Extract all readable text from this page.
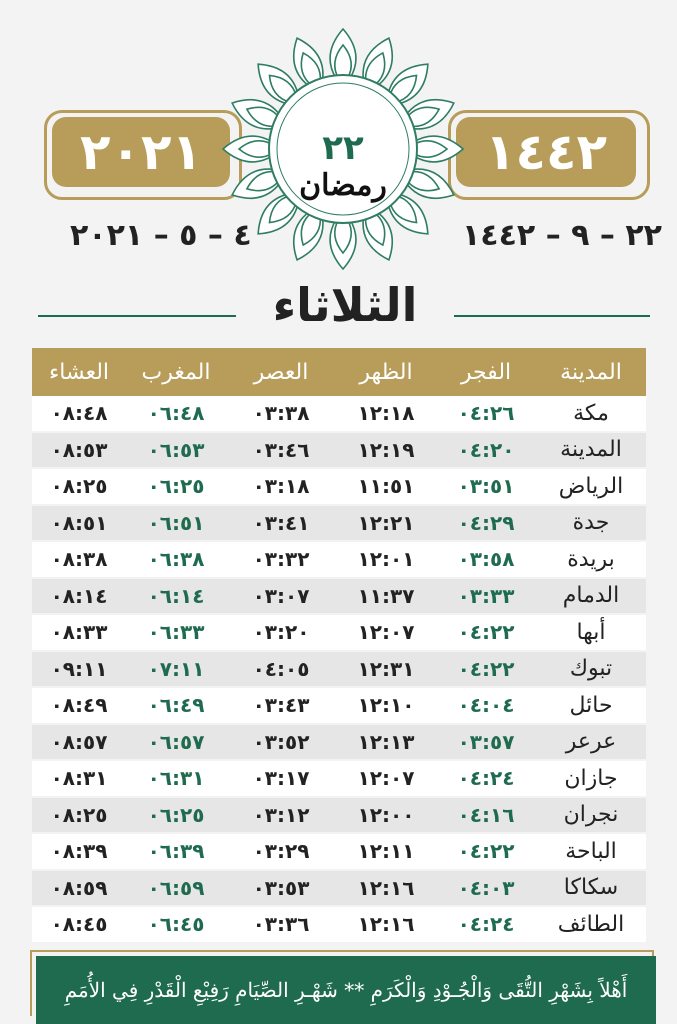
٢٠٢١	١٤٤٢
٢٢
رمضان
٤ – ٥ – ٢٠٢١	٢٢ – ٩ – ١٤٤٢
الثلاثاء
المدينة
الفجر
الظهر
العصر
المغرب
العشاء
مكة
٠٤:٢٦
١٢:١٨
٠٣:٣٨
٠٦:٤٨
٠٨:٤٨
المدينة
٠٤:٢٠
١٢:١٩
٠٣:٤٦
٠٦:٥٣
٠٨:٥٣
الرياض
٠٣:٥١
١١:٥١
٠٣:١٨
٠٦:٢٥
٠٨:٢٥
جدة
٠٤:٢٩
١٢:٢١
٠٣:٤١
٠٦:٥١
٠٨:٥١
بريدة
٠٣:٥٨
١٢:٠١
٠٣:٣٢
٠٦:٣٨
٠٨:٣٨
الدمام
٠٣:٣٣
١١:٣٧
٠٣:٠٧
٠٦:١٤
٠٨:١٤
أبها
٠٤:٢٢
١٢:٠٧
٠٣:٢٠
٠٦:٣٣
٠٨:٣٣
تبوك
٠٤:٢٢
١٢:٣١
٠٤:٠٥
٠٧:١١
٠٩:١١
حائل
٠٤:٠٤
١٢:١٠
٠٣:٤٣
٠٦:٤٩
٠٨:٤٩
عرعر
٠٣:٥٧
١٢:١٣
٠٣:٥٢
٠٦:٥٧
٠٨:٥٧
جازان
٠٤:٢٤
١٢:٠٧
٠٣:١٧
٠٦:٣١
٠٨:٣١
نجران
٠٤:١٦
١٢:٠٠
٠٣:١٢
٠٦:٢٥
٠٨:٢٥
الباحة
٠٤:٢٢
١٢:١١
٠٣:٢٩
٠٦:٣٩
٠٨:٣٩
سكاكا
٠٤:٠٣
١٢:١٦
٠٣:٥٣
٠٦:٥٩
٠٨:٥٩
الطائف
٠٤:٢٤
١٢:١٦
٠٣:٣٦
٠٦:٤٥
٠٨:٤٥
أَهْلاً بِشَهْرِ التُّقَى وَالْجُـوْدِ وَالْكَرَمِ ** شَهْـرِ الصِّيَامِ رَفِيْعِ الْقَدْرِ فِي الأُمَمِ
